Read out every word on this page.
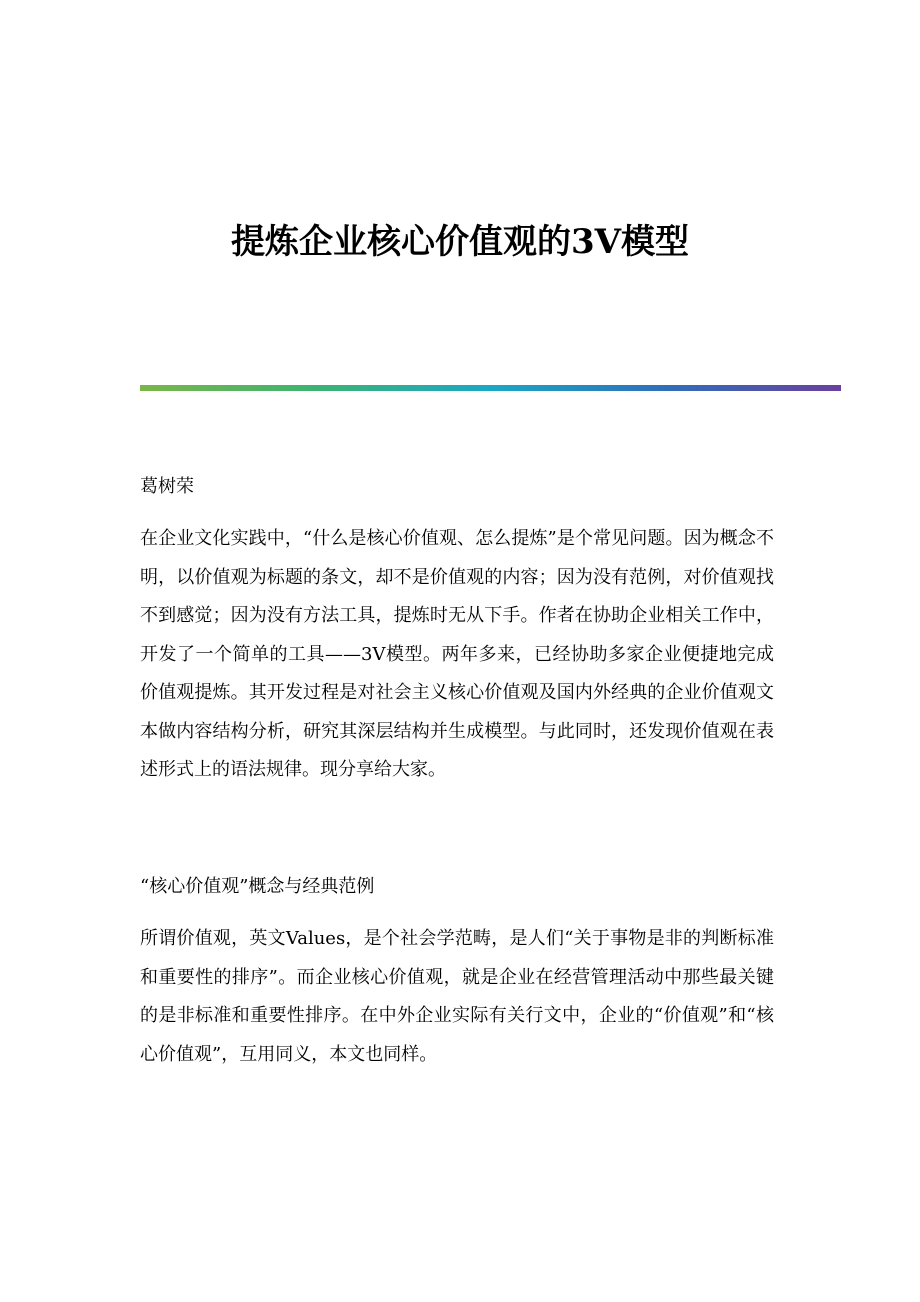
提炼企业核心价值观的3V模型

葛树荣

在企业文化实践中，“什么是核心价值观、怎么提炼”是个常见问题。因为概念不明，以价值观为标题的条文，却不是价值观的内容；因为没有范例，对价值观找不到感觉；因为没有方法工具，提炼时无从下手。作者在协助企业相关工作中，开发了一个简单的工具——3V模型。两年多来，已经协助多家企业便捷地完成价值观提炼。其开发过程是对社会主义核心价值观及国内外经典的企业价值观文本做内容结构分析，研究其深层结构并生成模型。与此同时，还发现价值观在表述形式上的语法规律。现分享给大家。

“核心价值观”概念与经典范例

所谓价值观，英文Values，是个社会学范畴，是人们“关于事物是非的判断标准和重要性的排序”。而企业核心价值观，就是企业在经营管理活动中那些最关键的是非标准和重要性排序。在中外企业实际有关行文中，企业的“价值观”和“核心价值观”，互用同义，本文也同样。
